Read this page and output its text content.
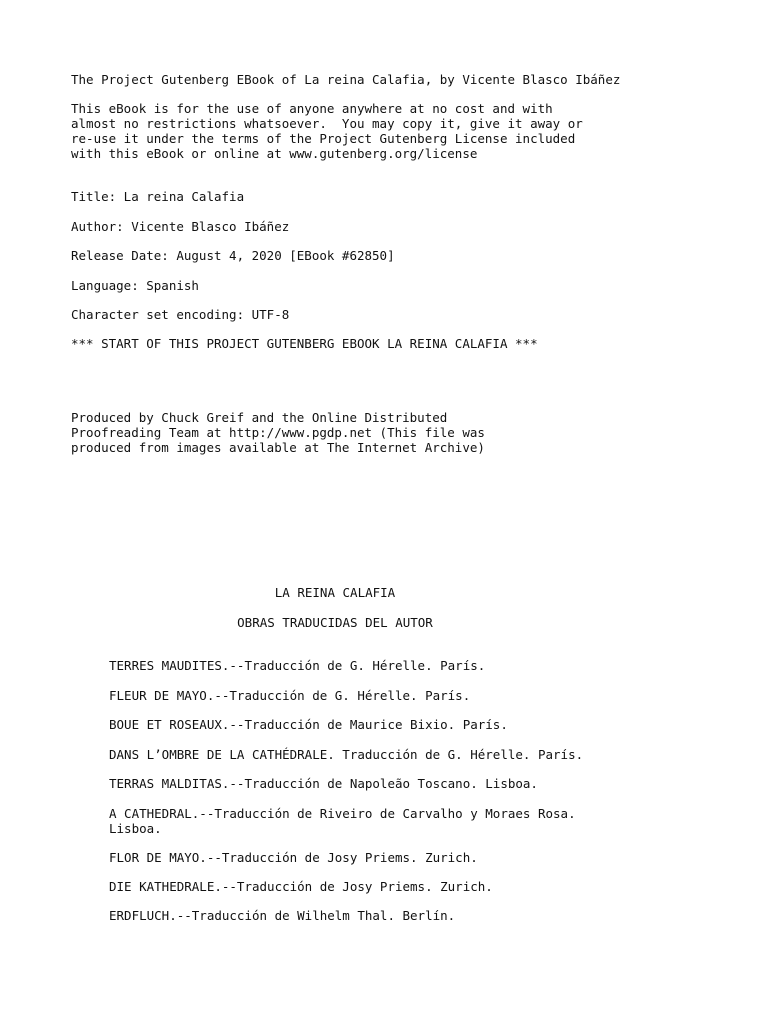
The Project Gutenberg EBook of La reina Calafia, by Vicente Blasco Ibáñez

This eBook is for the use of anyone anywhere at no cost and with
almost no restrictions whatsoever.  You may copy it, give it away or
re-use it under the terms of the Project Gutenberg License included
with this eBook or online at www.gutenberg.org/license

Title: La reina Calafia

Author: Vicente Blasco Ibáñez

Release Date: August 4, 2020 [EBook #62850]

Language: Spanish

Character set encoding: UTF-8

*** START OF THIS PROJECT GUTENBERG EBOOK LA REINA CALAFIA ***

Produced by Chuck Greif and the Online Distributed
Proofreading Team at http://www.pgdp.net (This file was
produced from images available at The Internet Archive)

LA REINA CALAFIA

OBRAS TRADUCIDAS DEL AUTOR

TERRES MAUDITES.--Traducción de G. Hérelle. París.

FLEUR DE MAYO.--Traducción de G. Hérelle. París.

BOUE ET ROSEAUX.--Traducción de Maurice Bixio. París.

DANS L’OMBRE DE LA CATHÉDRALE. Traducción de G. Hérelle. París.

TERRAS MALDITAS.--Traducción de Napoleão Toscano. Lisboa.

A CATHEDRAL.--Traducción de Riveiro de Carvalho y Moraes Rosa.
Lisboa.

FLOR DE MAYO.--Traducción de Josy Priems. Zurich.

DIE KATHEDRALE.--Traducción de Josy Priems. Zurich.

ERDFLUCH.--Traducción de Wilhelm Thal. Berlín.
